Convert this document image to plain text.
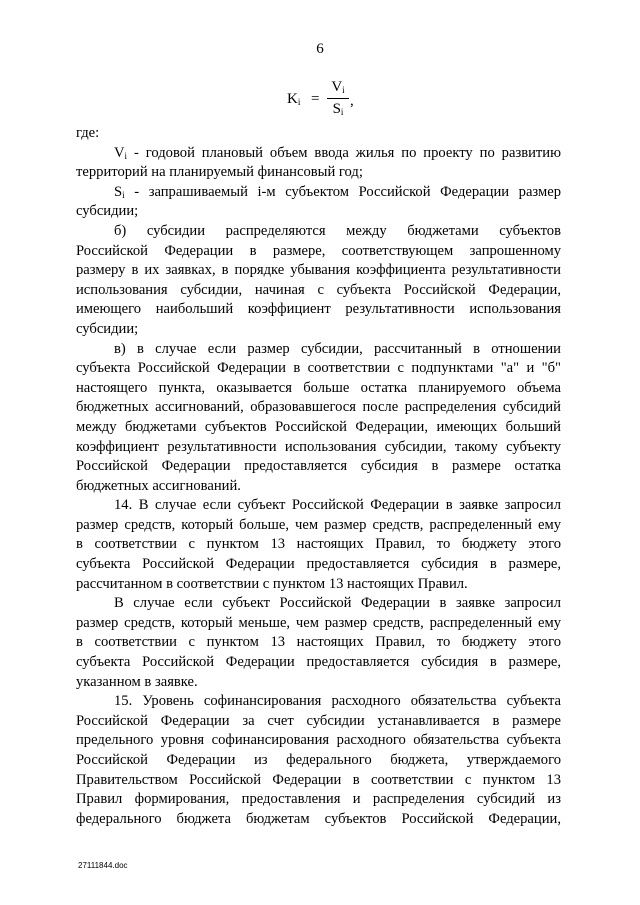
6
$K_i$ =
$V_i$
$S_i$
,
где:
$V_i$ - годовой плановый объем ввода жилья по проекту по развитию
территорий на планируемый финансовый год;
$S_i$ - запрашиваемый i-м субъектом Российской Федерации размер
субсидии;
б) субсидии распределяются между бюджетами субъектов
Российской Федерации в размере, соответствующем запрошенному
размеру в их заявках, в порядке убывания коэффициента результативности
использования субсидии, начиная с субъекта Российской Федерации,
имеющего наибольший коэффициент результативности использования
субсидии;
в) в случае если размер субсидии, рассчитанный в отношении
субъекта Российской Федерации в соответствии с подпунктами "а" и "б"
настоящего пункта, оказывается больше остатка планируемого объема
бюджетных ассигнований, образовавшегося после распределения субсидий
между бюджетами субъектов Российской Федерации, имеющих больший
коэффициент результативности использования субсидии, такому субъекту
Российской Федерации предоставляется субсидия в размере остатка
бюджетных ассигнований.
14. В случае если субъект Российской Федерации в заявке запросил
размер средств, который больше, чем размер средств, распределенный ему
в соответствии с пунктом 13 настоящих Правил, то бюджету этого
субъекта Российской Федерации предоставляется субсидия в размере,
рассчитанном в соответствии с пунктом 13 настоящих Правил.
В случае если субъект Российской Федерации в заявке запросил
размер средств, который меньше, чем размер средств, распределенный ему
в соответствии с пунктом 13 настоящих Правил, то бюджету этого
субъекта Российской Федерации предоставляется субсидия в размере,
указанном в заявке.
15. Уровень софинансирования расходного обязательства субъекта
Российской Федерации за счет субсидии устанавливается в размере
предельного уровня софинансирования расходного обязательства субъекта
Российской Федерации из федерального бюджета, утверждаемого
Правительством Российской Федерации в соответствии с пунктом 13
Правил формирования, предоставления и распределения субсидий из
федерального бюджета бюджетам субъектов Российской Федерации,
27111844.doc
